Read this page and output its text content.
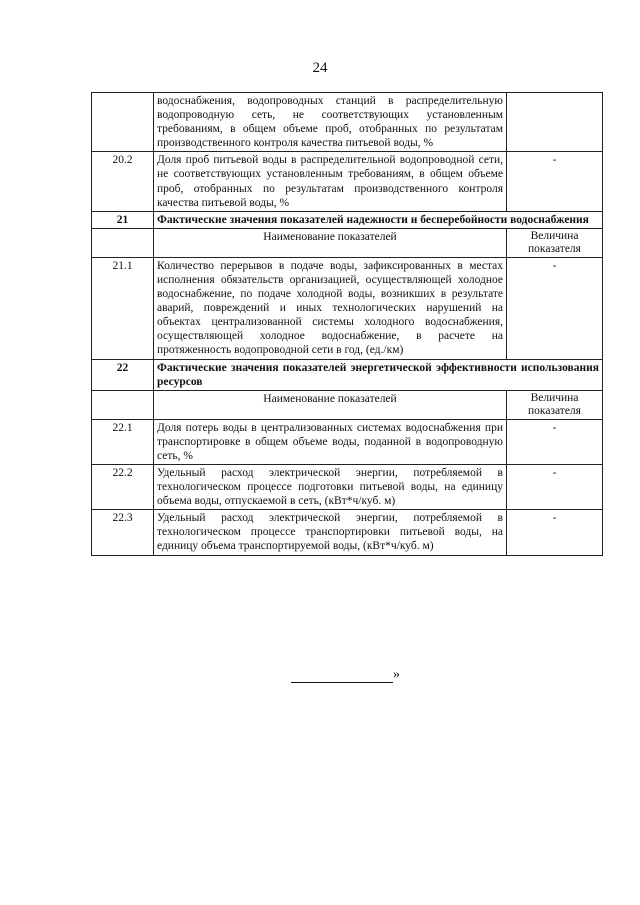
24
	водоснабжения, водопроводных станций в распределительную водопроводную сеть, не соответствующих установленным требованиям, в общем объеме проб, отобранных по результатам производственного контроля качества питьевой воды, %	
20.2	Доля проб питьевой воды в распределительной водопроводной сети, не соответствующих установленным требованиям, в общем объеме проб, отобранных по результатам производственного контроля качества питьевой воды, %	-
21	Фактические значения показателей надежности и бесперебойности водоснабжения	
	Наименование показателей	Величина показателя
21.1	Количество перерывов в подаче воды, зафиксированных в местах исполнения обязательств организацией, осуществляющей холодное водоснабжение, по подаче холодной воды, возникших в результате аварий, повреждений и иных технологических нарушений на объектах централизованной системы холодного водоснабжения, осуществляющей холодное водоснабжение, в расчете на протяженность водопроводной сети в год, (ед./км)	-
22	Фактические значения показателей энергетической эффективности использования ресурсов	
	Наименование показателей	Величина показателя
22.1	Доля потерь воды в централизованных системах водоснабжения при транспортировке в общем объеме воды, поданной в водопроводную сеть, %	-
22.2	Удельный расход электрической энергии, потребляемой в технологическом процессе подготовки питьевой воды, на единицу объема воды, отпускаемой в сеть, (кВт*ч/куб. м)	-
22.3	Удельный расход электрической энергии, потребляемой в технологическом процессе транспортировки питьевой воды, на единицу объема транспортируемой воды, (кВт*ч/куб. м)	-
»
